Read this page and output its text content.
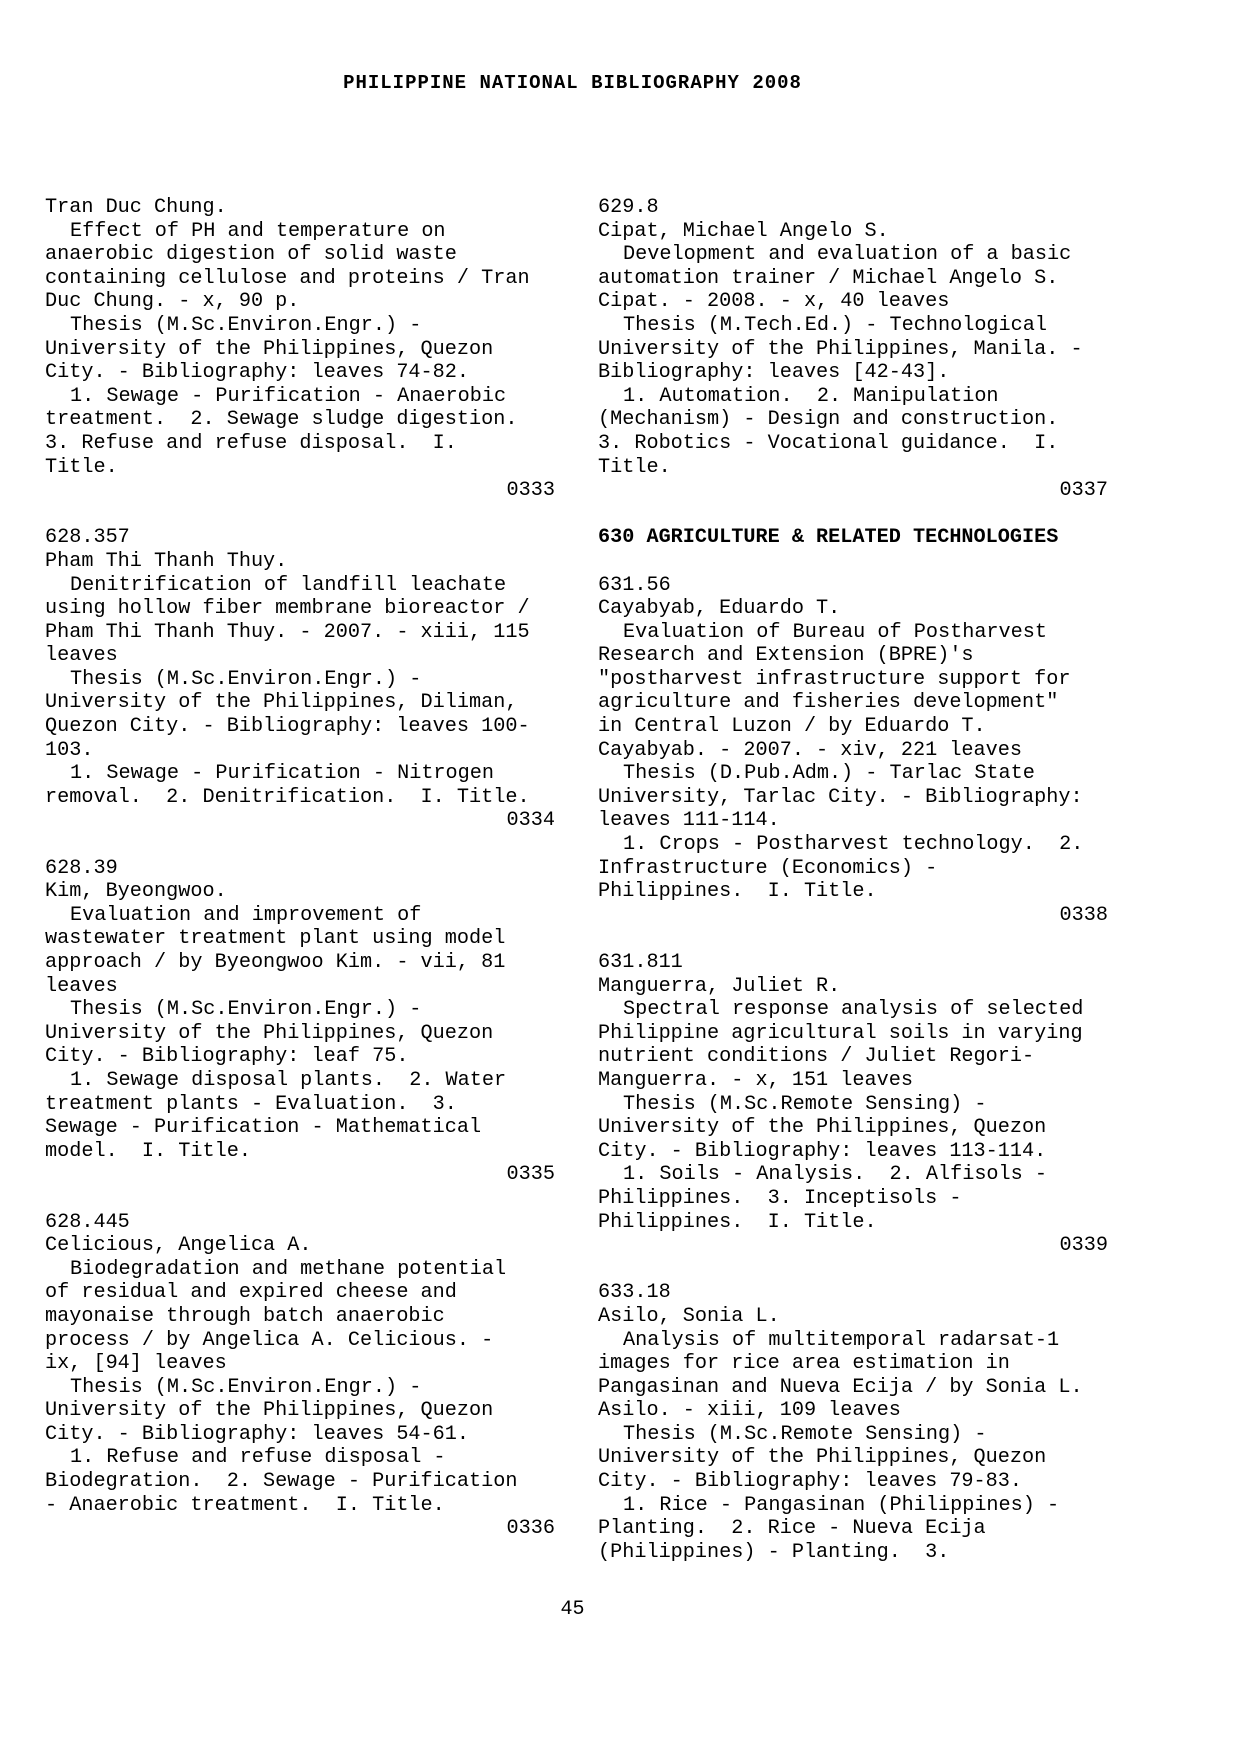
PHILIPPINE NATIONAL BIBLIOGRAPHY 2008
Tran Duc Chung.
Effect of PH and temperature on
anaerobic digestion of solid waste
containing cellulose and proteins / Tran
Duc Chung. - x, 90 p.
Thesis (M.Sc.Environ.Engr.) -
University of the Philippines, Quezon
City. - Bibliography: leaves 74-82.
1. Sewage - Purification - Anaerobic
treatment.  2. Sewage sludge digestion.
3. Refuse and refuse disposal.  I.
Title.
0333
628.357
Pham Thi Thanh Thuy.
Denitrification of landfill leachate
using hollow fiber membrane bioreactor /
Pham Thi Thanh Thuy. - 2007. - xiii, 115
leaves
Thesis (M.Sc.Environ.Engr.) -
University of the Philippines, Diliman,
Quezon City. - Bibliography: leaves 100-
103.
1. Sewage - Purification - Nitrogen
removal.  2. Denitrification.  I. Title.
0334
628.39
Kim, Byeongwoo.
Evaluation and improvement of
wastewater treatment plant using model
approach / by Byeongwoo Kim. - vii, 81
leaves
Thesis (M.Sc.Environ.Engr.) -
University of the Philippines, Quezon
City. - Bibliography: leaf 75.
1. Sewage disposal plants.  2. Water
treatment plants - Evaluation.  3.
Sewage - Purification - Mathematical
model.  I. Title.
0335
628.445
Celicious, Angelica A.
Biodegradation and methane potential
of residual and expired cheese and
mayonaise through batch anaerobic
process / by Angelica A. Celicious. -
ix, [94] leaves
Thesis (M.Sc.Environ.Engr.) -
University of the Philippines, Quezon
City. - Bibliography: leaves 54-61.
1. Refuse and refuse disposal -
Biodegration.  2. Sewage - Purification
- Anaerobic treatment.  I. Title.
0336
629.8
Cipat, Michael Angelo S.
Development and evaluation of a basic
automation trainer / Michael Angelo S.
Cipat. - 2008. - x, 40 leaves
Thesis (M.Tech.Ed.) - Technological
University of the Philippines, Manila. -
Bibliography: leaves [42-43].
1. Automation.  2. Manipulation
(Mechanism) - Design and construction.
3. Robotics - Vocational guidance.  I.
Title.
0337
630 AGRICULTURE & RELATED TECHNOLOGIES
631.56
Cayabyab, Eduardo T.
Evaluation of Bureau of Postharvest
Research and Extension (BPRE)'s
"postharvest infrastructure support for
agriculture and fisheries development"
in Central Luzon / by Eduardo T.
Cayabyab. - 2007. - xiv, 221 leaves
Thesis (D.Pub.Adm.) - Tarlac State
University, Tarlac City. - Bibliography:
leaves 111-114.
1. Crops - Postharvest technology.  2.
Infrastructure (Economics) -
Philippines.  I. Title.
0338
631.811
Manguerra, Juliet R.
Spectral response analysis of selected
Philippine agricultural soils in varying
nutrient conditions / Juliet Regori-
Manguerra. - x, 151 leaves
Thesis (M.Sc.Remote Sensing) -
University of the Philippines, Quezon
City. - Bibliography: leaves 113-114.
1. Soils - Analysis.  2. Alfisols -
Philippines.  3. Inceptisols -
Philippines.  I. Title.
0339
633.18
Asilo, Sonia L.
Analysis of multitemporal radarsat-1
images for rice area estimation in
Pangasinan and Nueva Ecija / by Sonia L.
Asilo. - xiii, 109 leaves
Thesis (M.Sc.Remote Sensing) -
University of the Philippines, Quezon
City. - Bibliography: leaves 79-83.
1. Rice - Pangasinan (Philippines) -
Planting.  2. Rice - Nueva Ecija
(Philippines) - Planting.  3.
45
